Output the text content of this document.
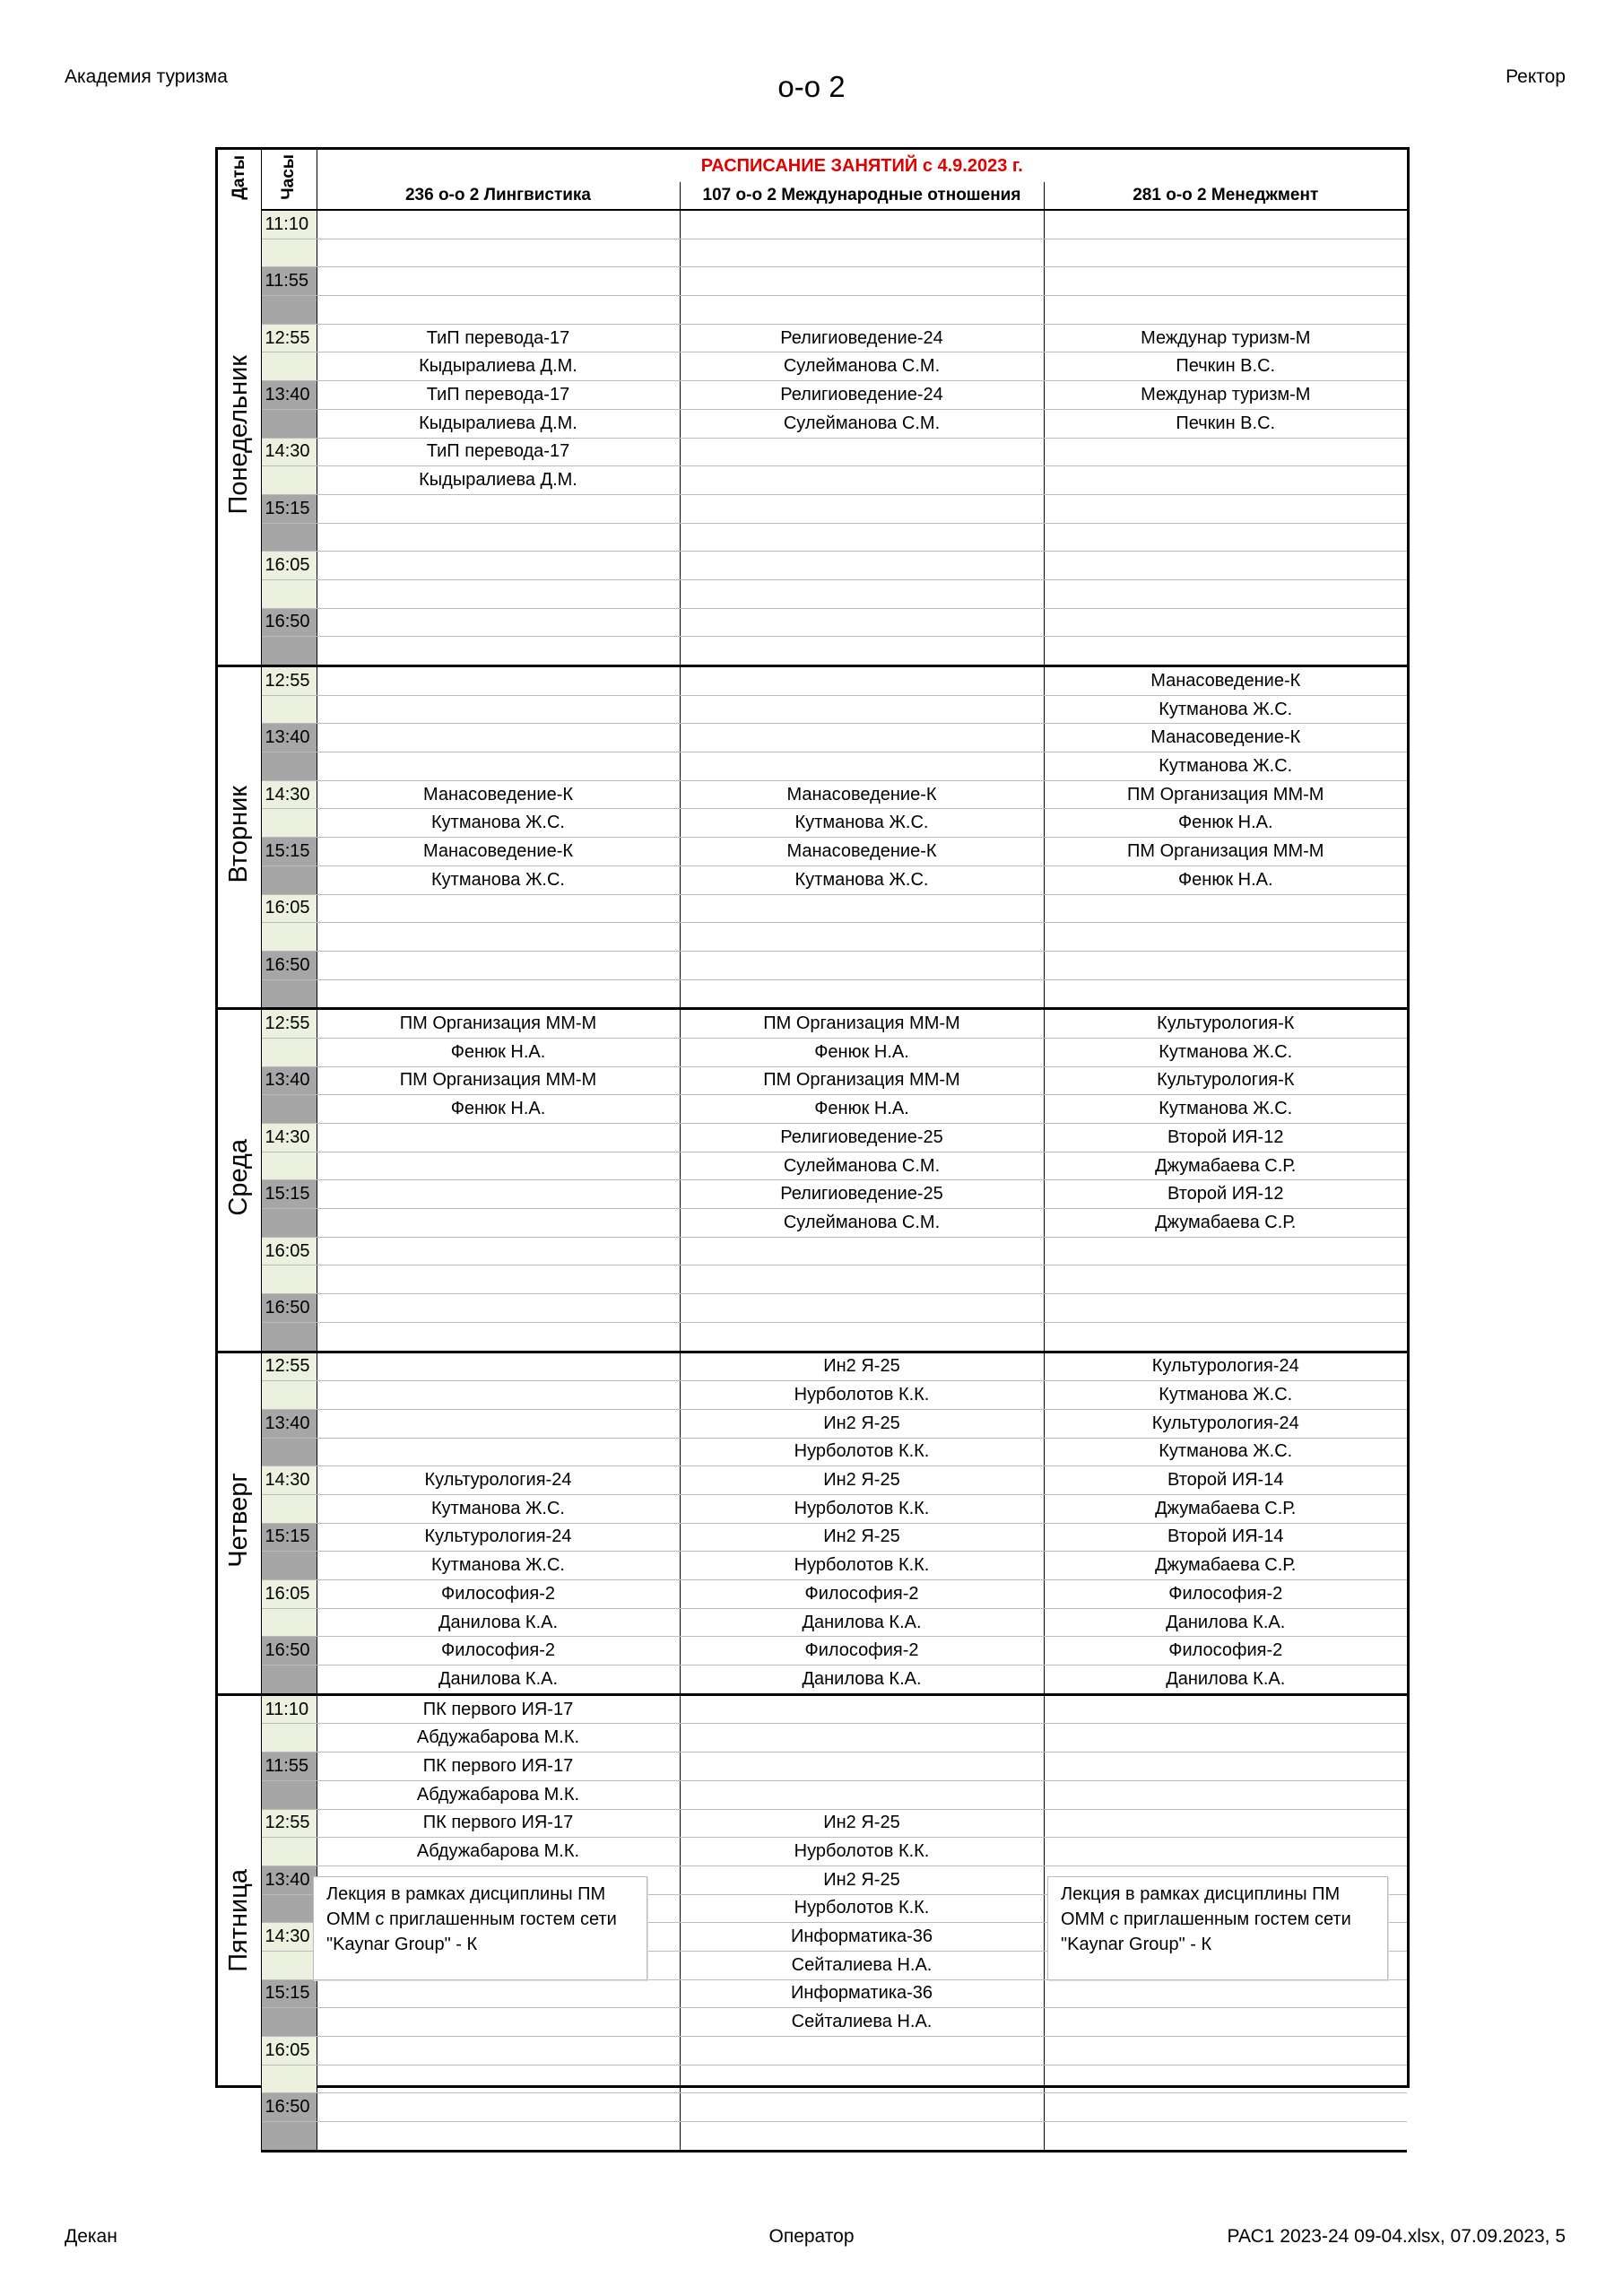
Академия туризма	о-о 2	Ректор
Даты	Часы	РАСПИСАНИЕ ЗАНЯТИЙ с 4.9.2023 г.		
		236 о-о 2 Лингвистика	107 о-о 2 Международные отношения	281 о-о 2 Менеджмент
Понедельник	11:10			

	11:55			

	12:55	ТиП перевода-17	Религиоведение-24	Междунар туризм-М
		Кыдыралиева Д.М.	Сулейманова С.М.	Печкин В.С.
	13:40	ТиП перевода-17	Религиоведение-24	Междунар туризм-М
		Кыдыралиева Д.М.	Сулейманова С.М.	Печкин В.С.
	14:30	ТиП перевода-17		
		Кыдыралиева Д.М.		
	15:15			

	16:05			

	16:50			

Вторник	12:55			Манасоведение-К
				Кутманова Ж.С.
	13:40			Манасоведение-К
				Кутманова Ж.С.
	14:30	Манасоведение-К	Манасоведение-К	ПМ Организация ММ-М
		Кутманова Ж.С.	Кутманова Ж.С.	Фенюк Н.А.
	15:15	Манасоведение-К	Манасоведение-К	ПМ Организация ММ-М
		Кутманова Ж.С.	Кутманова Ж.С.	Фенюк Н.А.
	16:05			

	16:50			

Среда	12:55	ПМ Организация ММ-М	ПМ Организация ММ-М	Культурология-К
		Фенюк Н.А.	Фенюк Н.А.	Кутманова Ж.С.
	13:40	ПМ Организация ММ-М	ПМ Организация ММ-М	Культурология-К
		Фенюк Н.А.	Фенюк Н.А.	Кутманова Ж.С.
	14:30		Религиоведение-25	Второй ИЯ-12
			Сулейманова С.М.	Джумабаева С.Р.
	15:15		Религиоведение-25	Второй ИЯ-12
			Сулейманова С.М.	Джумабаева С.Р.
	16:05			

	16:50			

Четверг	12:55		Ин2 Я-25	Культурология-24
			Нурболотов К.К.	Кутманова Ж.С.
	13:40		Ин2 Я-25	Культурология-24
			Нурболотов К.К.	Кутманова Ж.С.
	14:30	Культурология-24	Ин2 Я-25	Второй ИЯ-14
		Кутманова Ж.С.	Нурболотов К.К.	Джумабаева С.Р.
	15:15	Культурология-24	Ин2 Я-25	Второй ИЯ-14
		Кутманова Ж.С.	Нурболотов К.К.	Джумабаева С.Р.
	16:05	Философия-2	Философия-2	Философия-2
		Данилова К.А.	Данилова К.А.	Данилова К.А.
	16:50	Философия-2	Философия-2	Философия-2
		Данилова К.А.	Данилова К.А.	Данилова К.А.
Пятница	11:10	ПК первого ИЯ-17		
		Абдужабарова М.К.		
	11:55	ПК первого ИЯ-17		
		Абдужабарова М.К.		
	12:55	ПК первого ИЯ-17	Ин2 Я-25	
		Абдужабарова М.К.	Нурболотов К.К.	
	13:40		Ин2 Я-25	
			Нурболотов К.К.	
	14:30		Информатика-36	
			Сейталиева Н.А.	
	15:15		Информатика-36	
			Сейталиева Н.А.	
	16:05			

	16:50			

Лекция в рамках дисциплины ПМ ОММ с приглашенным гостем сети "Kaynar Group" - К
Лекция в рамках дисциплины ПМ ОММ с приглашенным гостем сети "Kaynar Group" - К
Декан	Оператор	РАС1 2023-24 09-04.xlsx, 07.09.2023, 5
